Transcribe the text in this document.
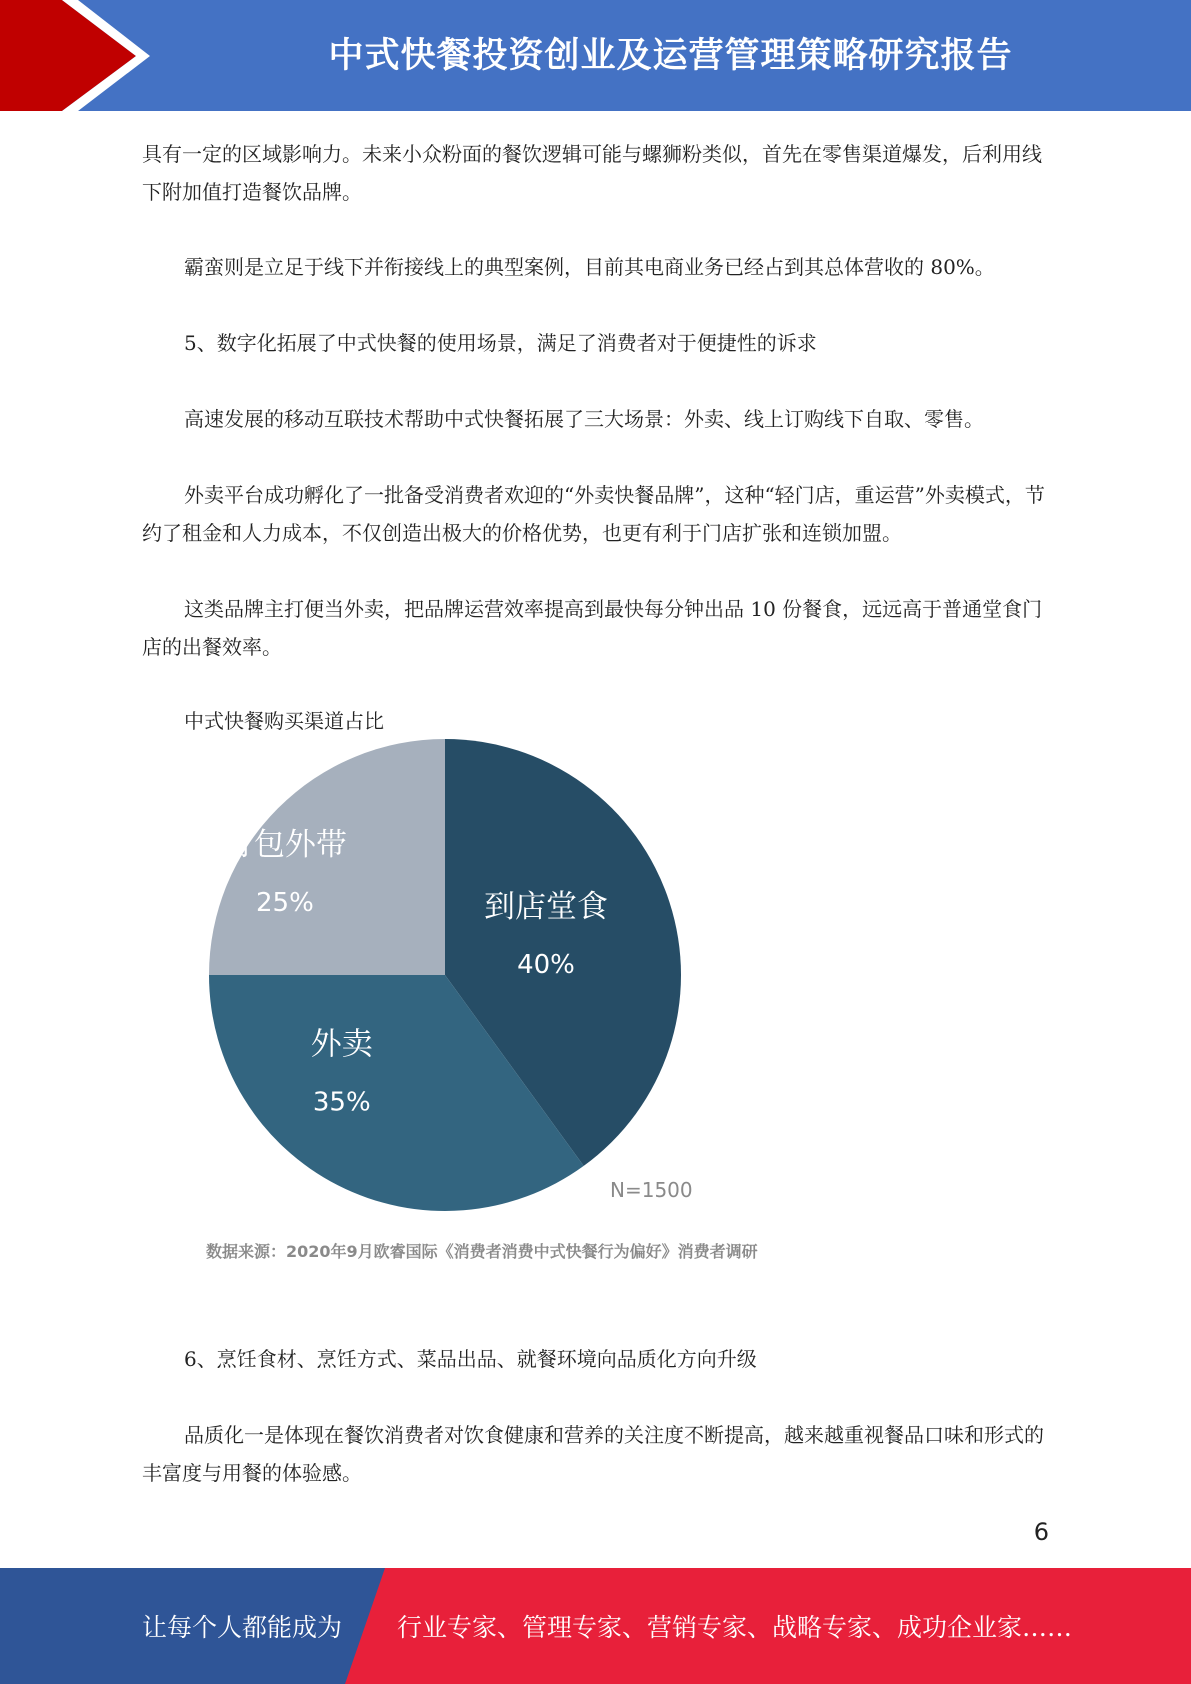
中式快餐投资创业及运营管理策略研究报告

具有一定的区域影响力。未来小众粉面的餐饮逻辑可能与螺狮粉类似，首先在零售渠道爆发，后利用线下附加值打造餐饮品牌。

霸蛮则是立足于线下并衔接线上的典型案例，目前其电商业务已经占到其总体营收的 80%。

5、数字化拓展了中式快餐的使用场景，满足了消费者对于便捷性的诉求

高速发展的移动互联技术帮助中式快餐拓展了三大场景：外卖、线上订购线下自取、零售。

外卖平台成功孵化了一批备受消费者欢迎的“外卖快餐品牌”，这种“轻门店，重运营”外卖模式，节约了租金和人力成本，不仅创造出极大的价格优势，也更有利于门店扩张和连锁加盟。

这类品牌主打便当外卖，把品牌运营效率提高到最快每分钟出品 10 份餐食，远远高于普通堂食门店的出餐效率。

中式快餐购买渠道占比
到店堂食
40%
外卖
35%
打包外带
25%
N=1500
数据来源：2020年9月欧睿国际《消费者消费中式快餐行为偏好》消费者调研

6、烹饪食材、烹饪方式、菜品出品、就餐环境向品质化方向升级

品质化一是体现在餐饮消费者对饮食健康和营养的关注度不断提高，越来越重视餐品口味和形式的丰富度与用餐的体验感。

6
让每个人都能成为 行业专家、管理专家、营销专家、战略专家、成功企业家……
